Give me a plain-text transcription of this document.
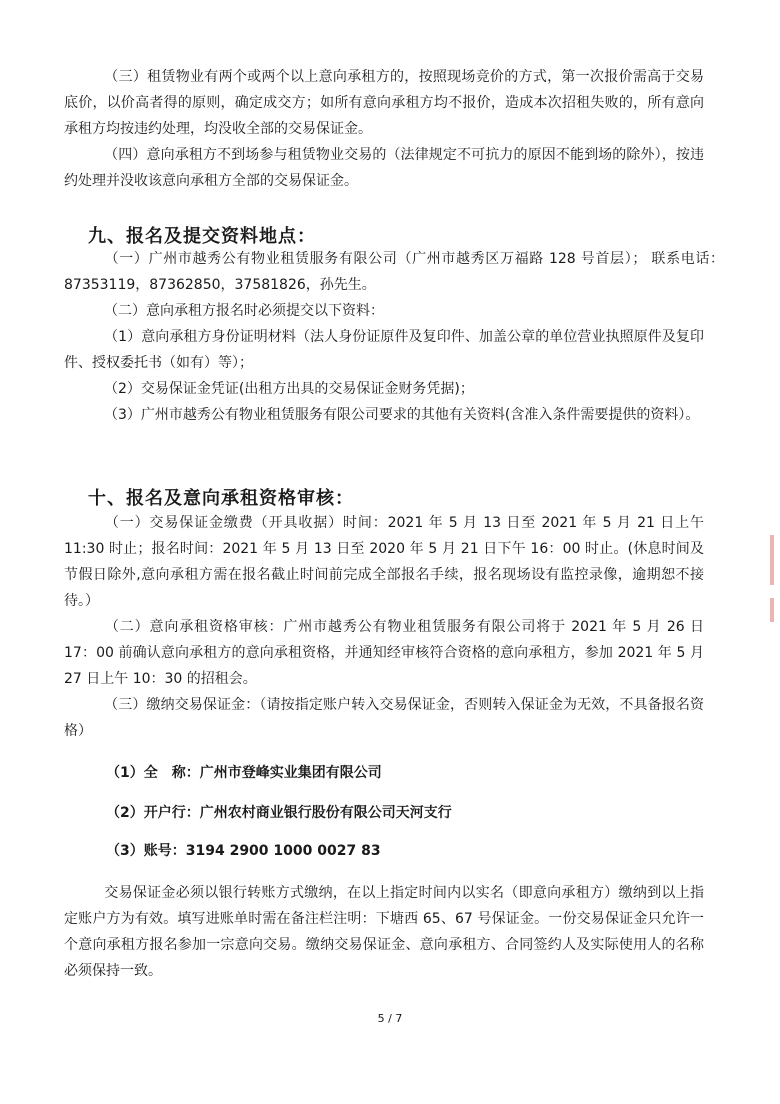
（三）租赁物业有两个或两个以上意向承租方的，按照现场竞价的方式，第一次报价需高于交易底价，以价高者得的原则，确定成交方；如所有意向承租方均不报价，造成本次招租失败的，所有意向承租方均按违约处理，均没收全部的交易保证金。
（四）意向承租方不到场参与租赁物业交易的（法律规定不可抗力的原因不能到场的除外），按违约处理并没收该意向承租方全部的交易保证金。
九、报名及提交资料地点：
（一）广州市越秀公有物业租赁服务有限公司（广州市越秀区万福路 128 号首层）； 联系电话：87353119，87362850，37581826，孙先生。
（二）意向承租方报名时必须提交以下资料：
（1）意向承租方身份证明材料（法人身份证原件及复印件、加盖公章的单位营业执照原件及复印件、授权委托书（如有）等）；
（2）交易保证金凭证(出租方出具的交易保证金财务凭据)；
（3）广州市越秀公有物业租赁服务有限公司要求的其他有关资料(含准入条件需要提供的资料）。
十、报名及意向承租资格审核：
（一）交易保证金缴费（开具收据）时间：2021 年 5 月 13 日至 2021 年 5 月 21 日上午 11:30 时止；报名时间：2021 年 5 月 13 日至 2020 年 5 月 21 日下午 16：00 时止。(休息时间及节假日除外,意向承租方需在报名截止时间前完成全部报名手续，报名现场设有监控录像，逾期恕不接待。）
（二）意向承租资格审核：广州市越秀公有物业租赁服务有限公司将于 2021 年 5 月 26 日 17：00 前确认意向承租方的意向承租资格，并通知经审核符合资格的意向承租方，参加 2021 年 5 月 27 日上午 10：30 的招租会。
（三）缴纳交易保证金：（请按指定账户转入交易保证金，否则转入保证金为无效，不具备报名资格）
（1）全　称：广州市登峰实业集团有限公司
（2）开户行：广州农村商业银行股份有限公司天河支行
（3）账号：3194 2900 1000 0027 83
交易保证金必须以银行转账方式缴纳，在以上指定时间内以实名（即意向承租方）缴纳到以上指定账户方为有效。填写进账单时需在备注栏注明：下塘西 65、67 号保证金。一份交易保证金只允许一个意向承租方报名参加一宗意向交易。缴纳交易保证金、意向承租方、合同签约人及实际使用人的名称必须保持一致。
5 / 7
